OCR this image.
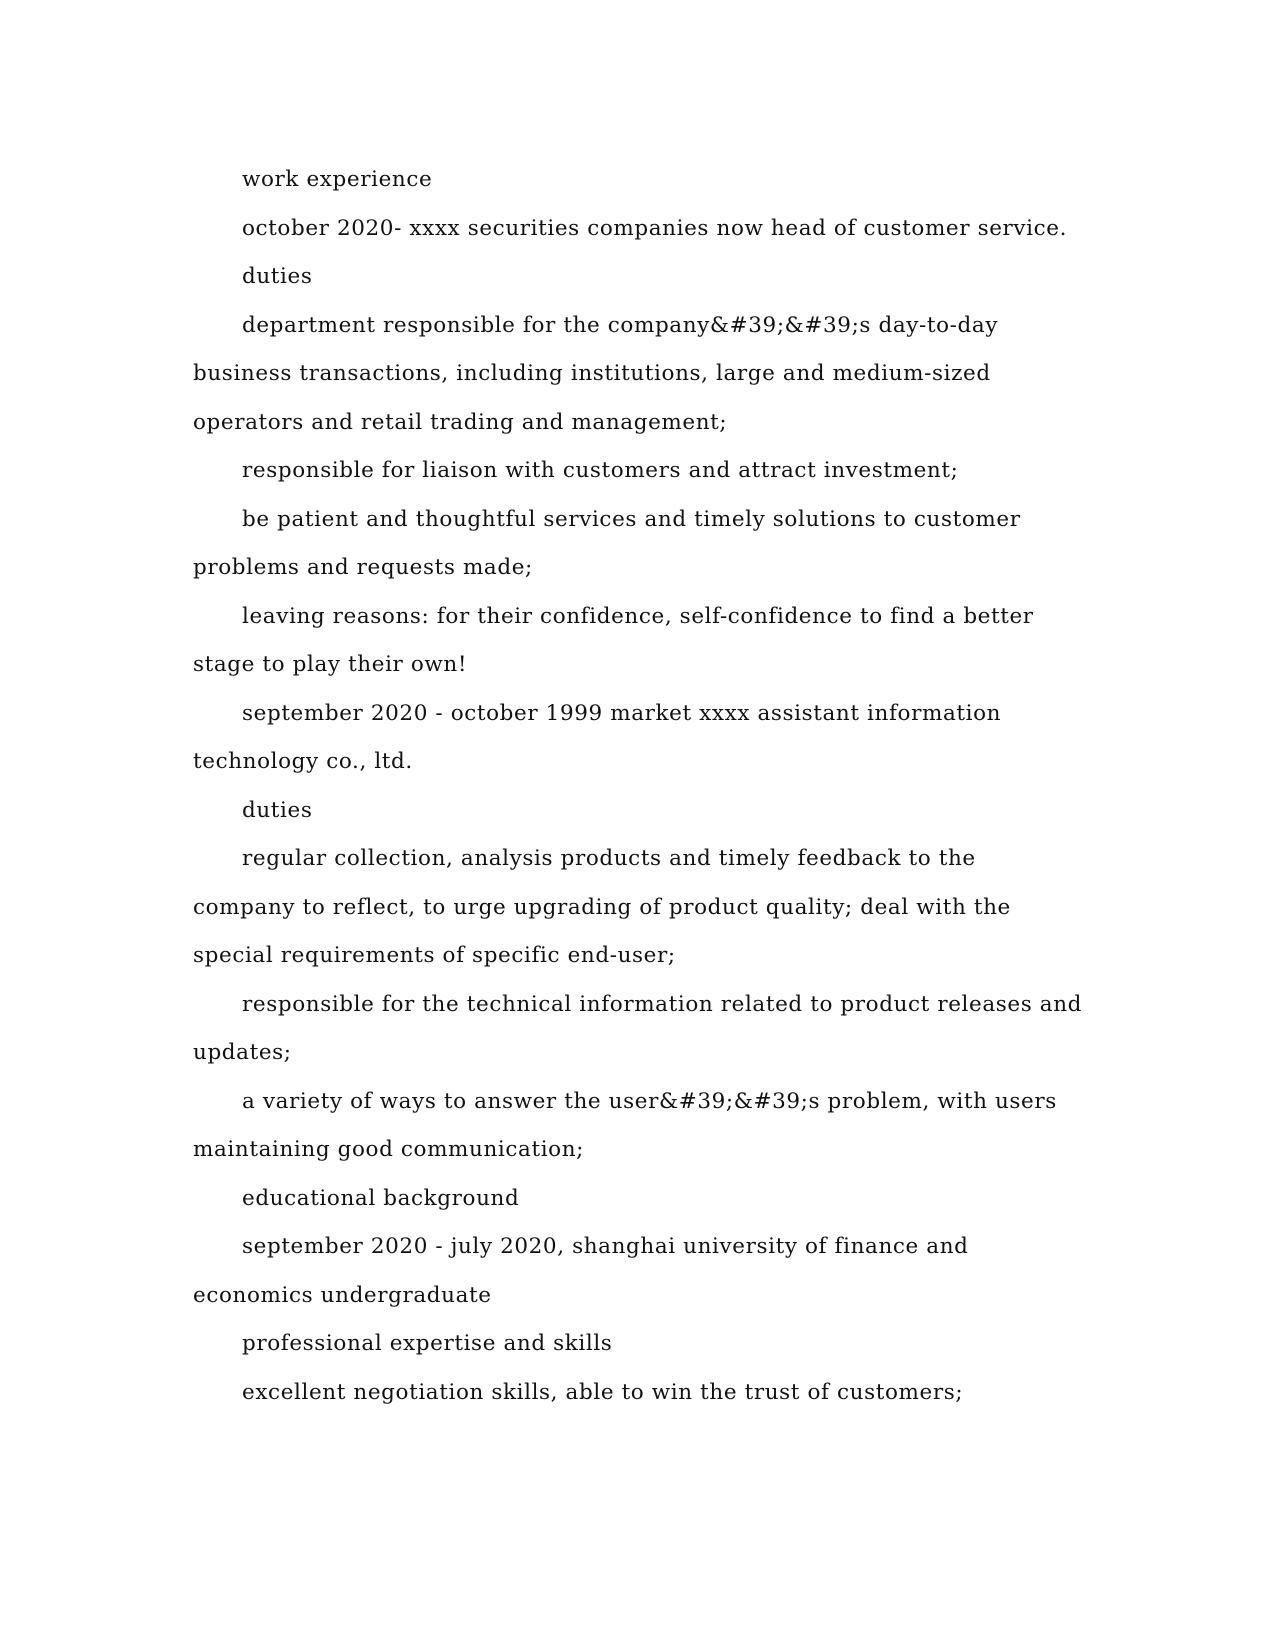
work experience

october 2020- xxxx securities companies now head of customer service.

duties

department responsible for the company&#39;&#39;s day-to-day business transactions, including institutions, large and medium-sized operators and retail trading and management;

responsible for liaison with customers and attract investment;

be patient and thoughtful services and timely solutions to customer problems and requests made;

leaving reasons: for their confidence, self-confidence to find a better stage to play their own!

september 2020 - october 1999 market xxxx assistant information technology co., ltd.

duties

regular collection, analysis products and timely feedback to the company to reflect, to urge upgrading of product quality; deal with the special requirements of specific end-user;

responsible for the technical information related to product releases and updates;

a variety of ways to answer the user&#39;&#39;s problem, with users maintaining good communication;

educational background

september 2020 - july 2020, shanghai university of finance and economics undergraduate

professional expertise and skills

excellent negotiation skills, able to win the trust of customers;
